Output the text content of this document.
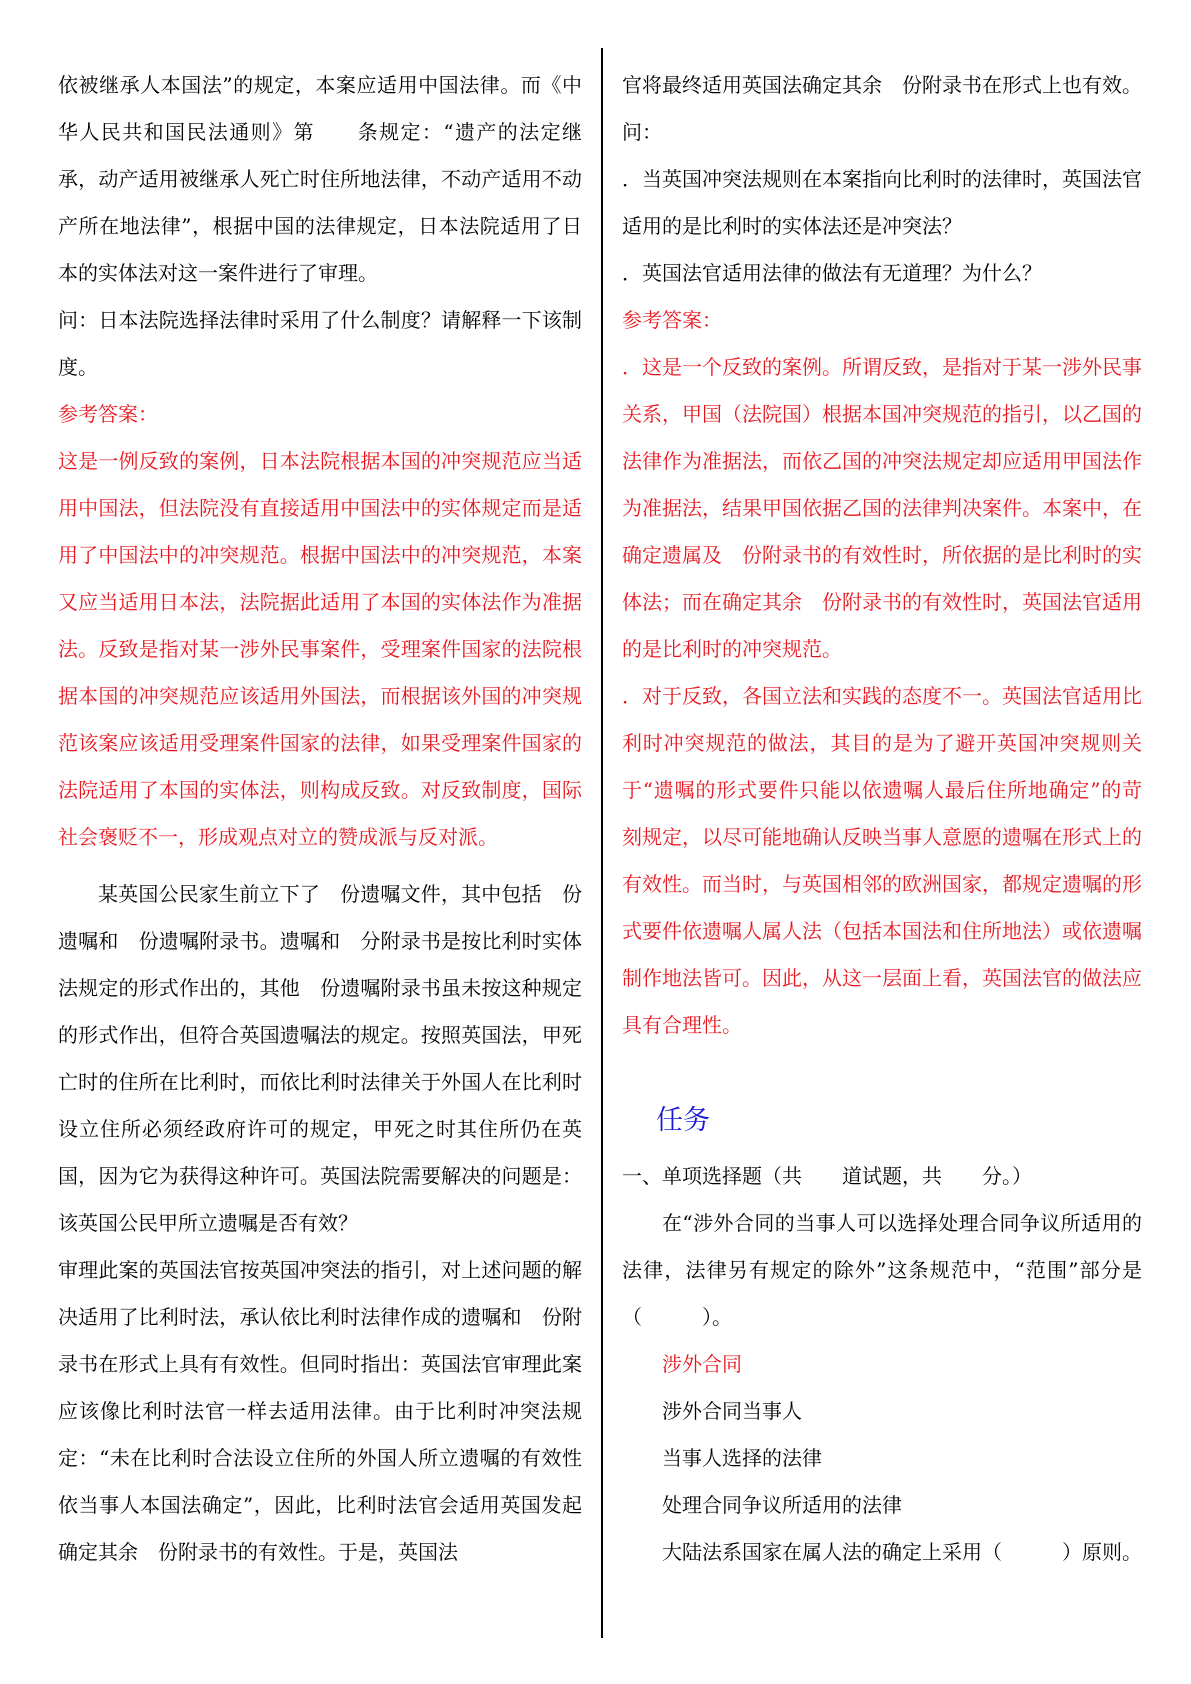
依被继承人本国法”的规定，本案应适用中国法律。而《中华人民共和国民法通则》第　　条规定：“遗产的法定继承，动产适用被继承人死亡时住所地法律，不动产适用不动产所在地法律”，根据中国的法律规定，日本法院适用了日本的实体法对这一案件进行了审理。

问：日本法院选择法律时采用了什么制度？请解释一下该制度。

参考答案：

这是一例反致的案例，日本法院根据本国的冲突规范应当适用中国法，但法院没有直接适用中国法中的实体规定而是适用了中国法中的冲突规范。根据中国法中的冲突规范，本案又应当适用日本法，法院据此适用了本国的实体法作为准据法。反致是指对某一涉外民事案件，受理案件国家的法院根据本国的冲突规范应该适用外国法，而根据该外国的冲突规范该案应该适用受理案件国家的法律，如果受理案件国家的法院适用了本国的实体法，则构成反致。对反致制度，国际社会褒贬不一，形成观点对立的赞成派与反对派。

某英国公民家生前立下了　份遗嘱文件，其中包括　份遗嘱和　份遗嘱附录书。遗嘱和　分附录书是按比利时实体法规定的形式作出的，其他　份遗嘱附录书虽未按这种规定的形式作出，但符合英国遗嘱法的规定。按照英国法，甲死亡时的住所在比利时，而依比利时法律关于外国人在比利时设立住所必须经政府许可的规定，甲死之时其住所仍在英国，因为它为获得这种许可。英国法院需要解决的问题是：该英国公民甲所立遗嘱是否有效？

审理此案的英国法官按英国冲突法的指引，对上述问题的解决适用了比利时法，承认依比利时法律作成的遗嘱和　份附录书在形式上具有有效性。但同时指出：英国法官审理此案应该像比利时法官一样去适用法律。由于比利时冲突法规定：“未在比利时合法设立住所的外国人所立遗嘱的有效性依当事人本国法确定”，因此，比利时法官会适用英国发起确定其余　份附录书的有效性。于是，英国法

官将最终适用英国法确定其余　份附录书在形式上也有效。

问：

．当英国冲突法规则在本案指向比利时的法律时，英国法官适用的是比利时的实体法还是冲突法？

．英国法官适用法律的做法有无道理？为什么？

参考答案：

．这是一个反致的案例。所谓反致，是指对于某一涉外民事关系，甲国（法院国）根据本国冲突规范的指引，以乙国的法律作为准据法，而依乙国的冲突法规定却应适用甲国法作为准据法，结果甲国依据乙国的法律判决案件。本案中，在确定遗属及　份附录书的有效性时，所依据的是比利时的实体法；而在确定其余　份附录书的有效性时，英国法官适用的是比利时的冲突规范。

．对于反致，各国立法和实践的态度不一。英国法官适用比利时冲突规范的做法，其目的是为了避开英国冲突规则关于“遗嘱的形式要件只能以依遗嘱人最后住所地确定”的苛刻规定，以尽可能地确认反映当事人意愿的遗嘱在形式上的有效性。而当时，与英国相邻的欧洲国家，都规定遗嘱的形式要件依遗嘱人属人法（包括本国法和住所地法）或依遗嘱制作地法皆可。因此，从这一层面上看，英国法官的做法应具有合理性。

任务

一、单项选择题（共　　道试题，共　　分。）

在“涉外合同的当事人可以选择处理合同争议所适用的法律，法律另有规定的除外”这条规范中，“范围”部分是（　　　）。

涉外合同

涉外合同当事人

当事人选择的法律

处理合同争议所适用的法律

大陆法系国家在属人法的确定上采用（　　　）原则。
